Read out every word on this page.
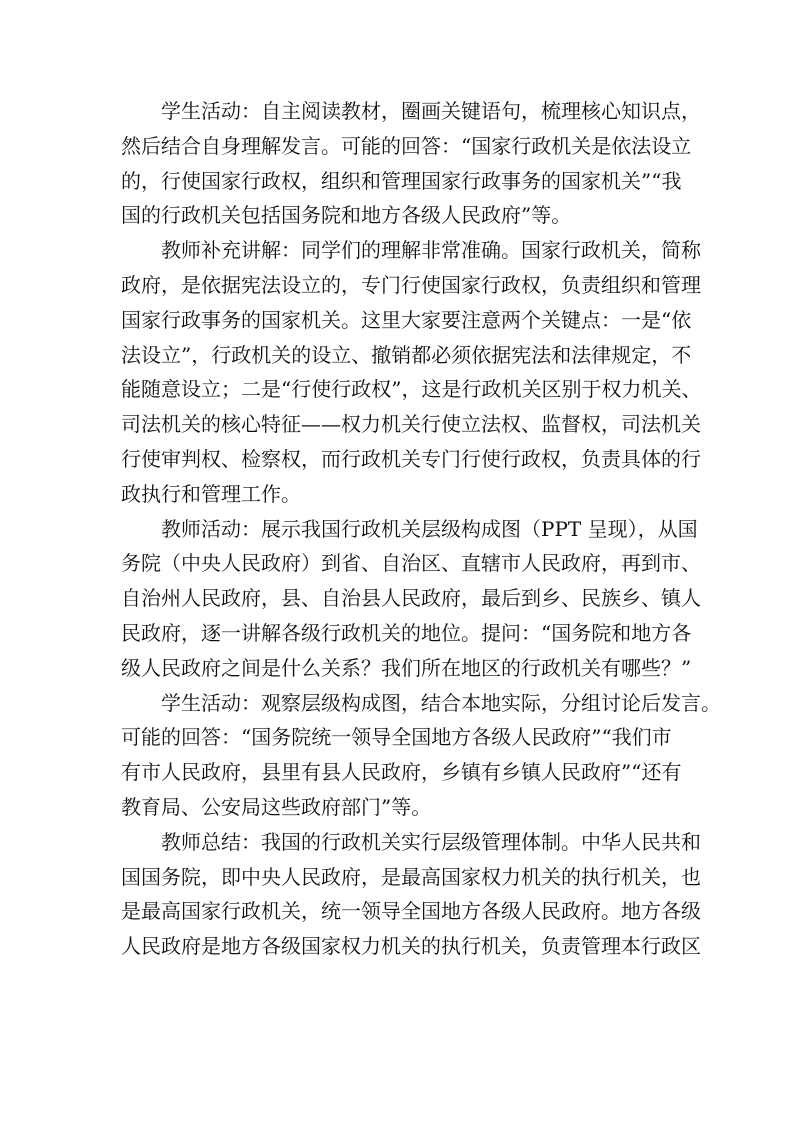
学生活动：自主阅读教材，圈画关键语句，梳理核心知识点，
然后结合自身理解发言。可能的回答：“国家行政机关是依法设立
的，行使国家行政权，组织和管理国家行政事务的国家机关”“我
国的行政机关包括国务院和地方各级人民政府”等。
教师补充讲解：同学们的理解非常准确。国家行政机关，简称
政府，是依据宪法设立的，专门行使国家行政权，负责组织和管理
国家行政事务的国家机关。这里大家要注意两个关键点：一是“依
法设立”，行政机关的设立、撤销都必须依据宪法和法律规定，不
能随意设立；二是“行使行政权”，这是行政机关区别于权力机关、
司法机关的核心特征——权力机关行使立法权、监督权，司法机关
行使审判权、检察权，而行政机关专门行使行政权，负责具体的行
政执行和管理工作。
教师活动：展示我国行政机关层级构成图（PPT 呈现），从国
务院（中央人民政府）到省、自治区、直辖市人民政府，再到市、
自治州人民政府，县、自治县人民政府，最后到乡、民族乡、镇人
民政府，逐一讲解各级行政机关的地位。提问：“国务院和地方各
级人民政府之间是什么关系？我们所在地区的行政机关有哪些？”
学生活动：观察层级构成图，结合本地实际，分组讨论后发言。
可能的回答：“国务院统一领导全国地方各级人民政府”“我们市
有市人民政府，县里有县人民政府，乡镇有乡镇人民政府”“还有
教育局、公安局这些政府部门”等。
教师总结：我国的行政机关实行层级管理体制。中华人民共和
国国务院，即中央人民政府，是最高国家权力机关的执行机关，也
是最高国家行政机关，统一领导全国地方各级人民政府。地方各级
人民政府是地方各级国家权力机关的执行机关，负责管理本行政区
